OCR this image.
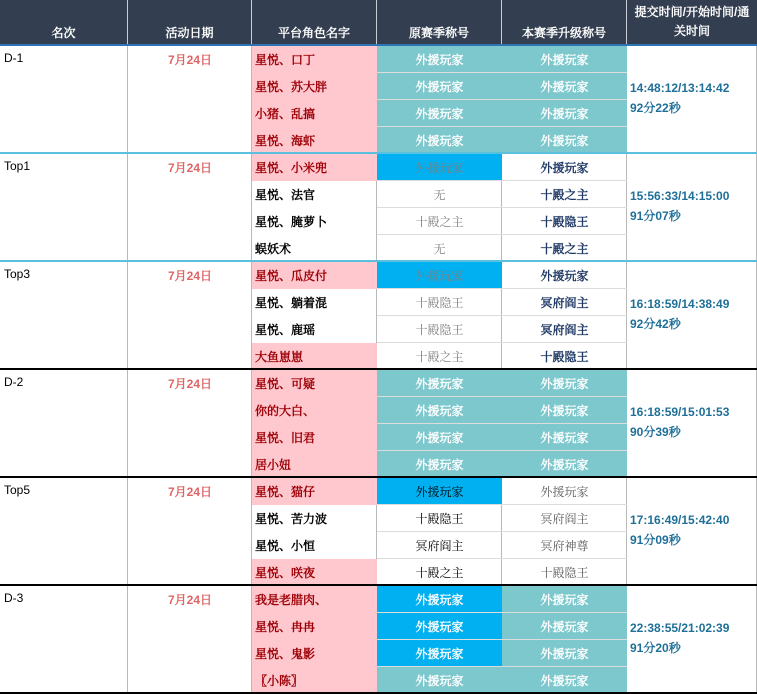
名次	活动日期	平台角色名字	原赛季称号	本赛季升级称号
提交时间/开始时间/通关时间
D-1	7月24日	星悦、口丁	外援玩家	外援玩家
星悦、苏大胖	外援玩家	外援玩家
小猪、乱搞	外援玩家	外援玩家
星悦、海虾	外援玩家	外援玩家
14:48:12/13:14:42
92分22秒
Top1	7月24日	星悦、小米兜	外援玩家	外援玩家
星悦、法官	无	十殿之主
星悦、腌萝卜	十殿之主	十殿隐王
蜈妖术	无	十殿之主
15:56:33/14:15:00
91分07秒
Top3	7月24日	星悦、瓜皮付	外援玩家	外援玩家
星悦、躺着混	十殿隐王	冥府阎主
星悦、鹿瑶	十殿隐王	冥府阎主
大鱼崽崽	十殿之主	十殿隐王
16:18:59/14:38:49
92分42秒
D-2	7月24日	星悦、可疑	外援玩家	外援玩家
你的大白、	外援玩家	外援玩家
星悦、旧君	外援玩家	外援玩家
居小妞	外援玩家	外援玩家
16:18:59/15:01:53
90分39秒
Top5	7月24日	星悦、猫仔	外援玩家	外援玩家
星悦、苦力波	十殿隐王	冥府阎主
星悦、小恒	冥府阎主	冥府神尊
星悦、咲夜	十殿之主	十殿隐王
17:16:49/15:42:40
91分09秒
D-3	7月24日	我是老腊肉、	外援玩家	外援玩家
星悦、冉冉	外援玩家	外援玩家
星悦、鬼影	外援玩家	外援玩家
〖小陈〗	外援玩家	外援玩家
22:38:55/21:02:39
91分20秒
